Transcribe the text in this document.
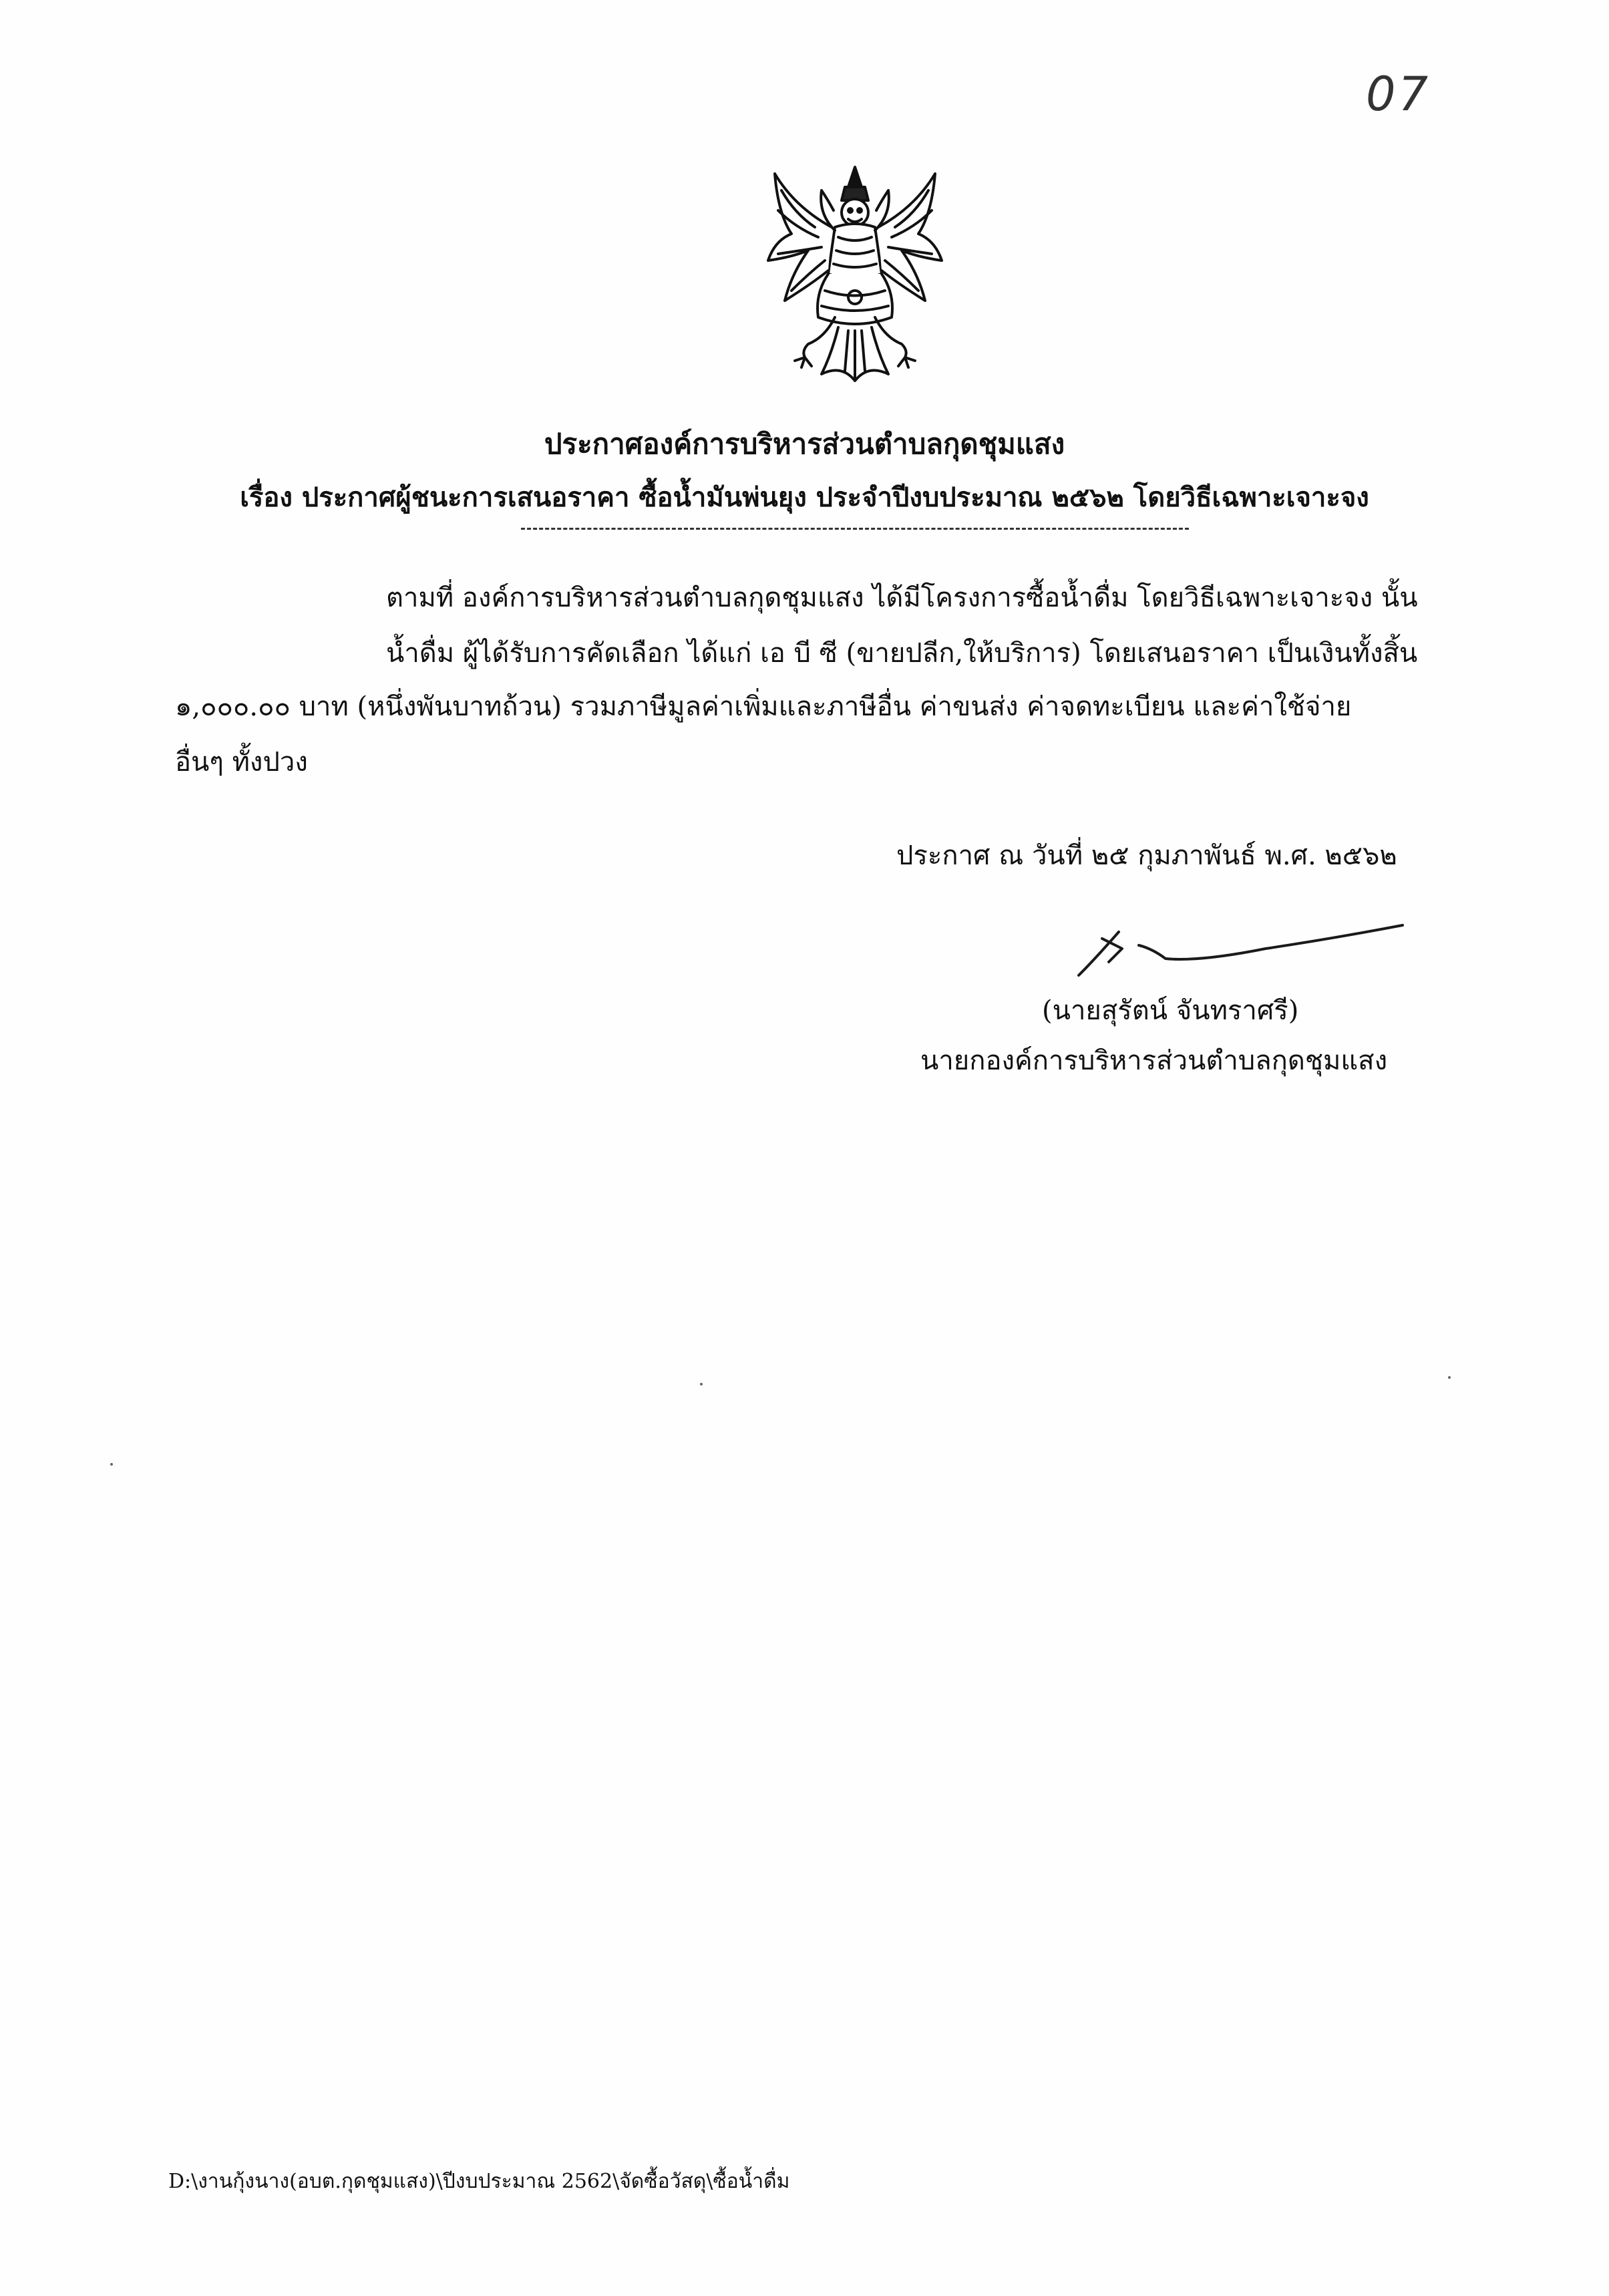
07
ประกาศองค์การบริหารส่วนตำบลกุดชุมแสง
เรื่อง ประกาศผู้ชนะการเสนอราคา ซื้อน้ำมันพ่นยุง ประจำปีงบประมาณ ๒๕๖๒ โดยวิธีเฉพาะเจาะจง
ตามที่ องค์การบริหารส่วนตำบลกุดชุมแสง ได้มีโครงการซื้อน้ำดื่ม โดยวิธีเฉพาะเจาะจง นั้น
น้ำดื่ม ผู้ได้รับการคัดเลือก ได้แก่ เอ บี ซี (ขายปลีก,ให้บริการ) โดยเสนอราคา เป็นเงินทั้งสิ้น
๑,๐๐๐.๐๐ บาท (หนึ่งพันบาทถ้วน) รวมภาษีมูลค่าเพิ่มและภาษีอื่น ค่าขนส่ง ค่าจดทะเบียน และค่าใช้จ่าย
อื่นๆ ทั้งปวง
ประกาศ ณ วันที่ ๒๕ กุมภาพันธ์ พ.ศ. ๒๕๖๒
(นายสุรัตน์ จันทราศรี)
นายกองค์การบริหารส่วนตำบลกุดชุมแสง
D:\งานกุ้งนาง(อบต.กุดชุมแสง)\ปีงบประมาณ 2562\จัดซื้อวัสดุ\ซื้อน้ำดื่ม
